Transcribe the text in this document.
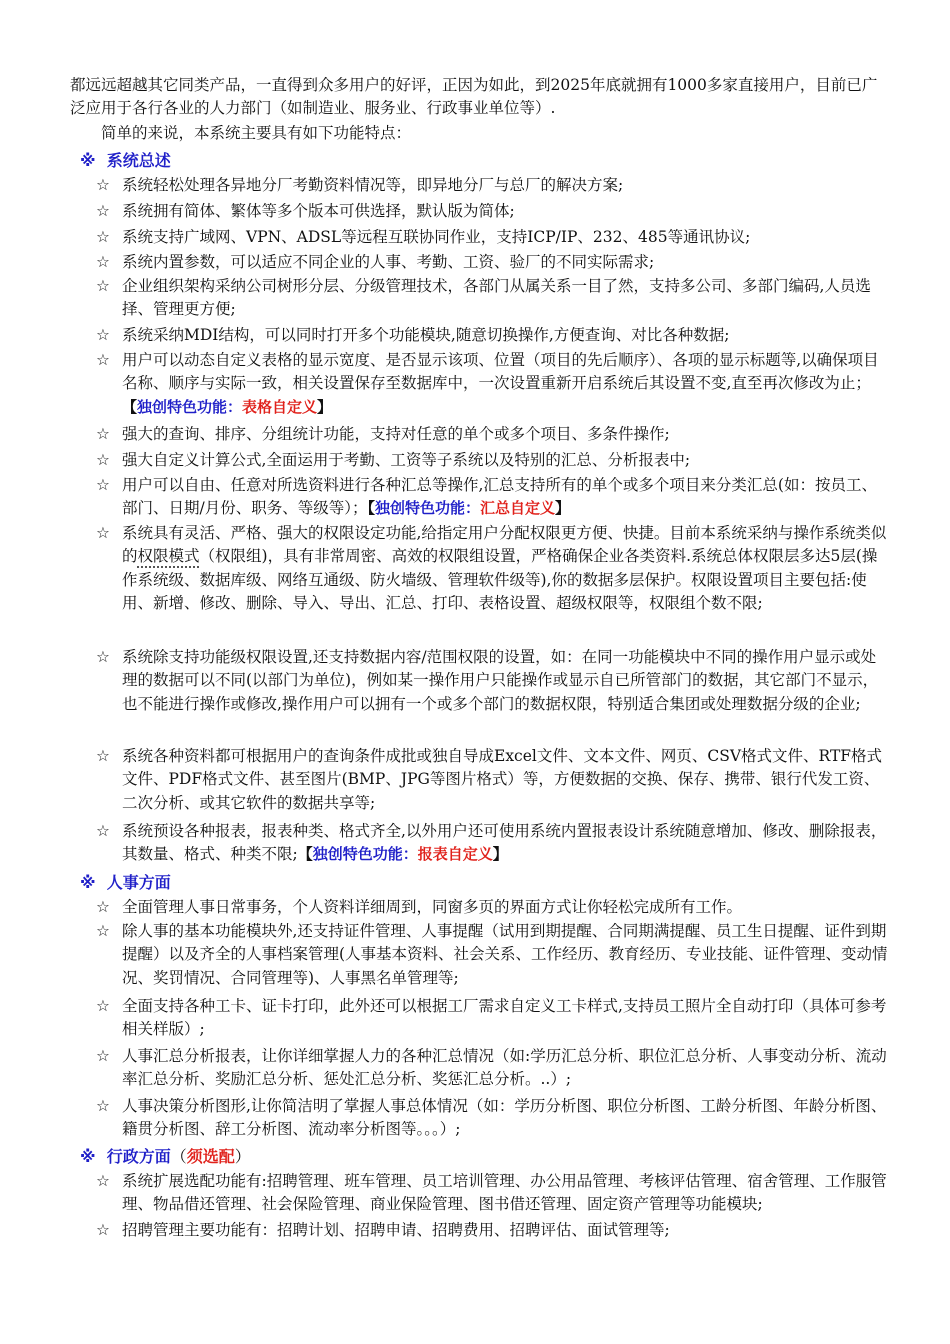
都远远超越其它同类产品，一直得到众多用户的好评，正因为如此，到2025年底就拥有1000多家直接用户，目前已广泛应用于各行各业的人力部门（如制造业、服务业、行政事业单位等）.
简单的来说，本系统主要具有如下功能特点：
※ 系统总述
☆ 系统轻松处理各异地分厂考勤资料情况等，即异地分厂与总厂的解决方案;
☆ 系统拥有简体、繁体等多个版本可供选择，默认版为简体;
☆ 系统支持广域网、VPN、ADSL等远程互联协同作业，支持ICP/IP、232、485等通讯协议;
☆ 系统内置参数，可以适应不同企业的人事、考勤、工资、验厂的不同实际需求;
☆ 企业组织架构采纳公司树形分层、分级管理技术，各部门从属关系一目了然，支持多公司、多部门编码,人员选择、管理更方便;
☆ 系统采纳MDI结构，可以同时打开多个功能模块,随意切换操作,方便查询、对比各种数据;
☆ 用户可以动态自定义表格的显示宽度、是否显示该项、位置（项目的先后顺序）、各项的显示标题等,以确保项目名称、顺序与实际一致，相关设置保存至数据库中，一次设置重新开启系统后其设置不变,直至再次修改为止；【独创特色功能：表格自定义】
☆ 强大的查询、排序、分组统计功能，支持对任意的单个或多个项目、多条件操作;
☆ 强大自定义计算公式,全面运用于考勤、工资等子系统以及特别的汇总、分析报表中;
☆ 用户可以自由、任意对所选资料进行各种汇总等操作,汇总支持所有的单个或多个项目来分类汇总(如：按员工、部门、日期/月份、职务、等级等）；【独创特色功能：汇总自定义】
☆ 系统具有灵活、严格、强大的权限设定功能,给指定用户分配权限更方便、快捷。目前本系统采纳与操作系统类似的权限模式（权限组)，具有非常周密、高效的权限组设置，严格确保企业各类资料.系统总体权限层多达5层(操作系统级、数据库级、网络互通级、防火墙级、管理软件级等),你的数据多层保护。权限设置项目主要包括:使用、新增、修改、删除、导入、导出、汇总、打印、表格设置、超级权限等，权限组个数不限;
☆ 系统除支持功能级权限设置,还支持数据内容/范围权限的设置，如：在同一功能模块中不同的操作用户显示或处理的数据可以不同(以部门为单位)，例如某一操作用户只能操作或显示自已所管部门的数据，其它部门不显示，也不能进行操作或修改,操作用户可以拥有一个或多个部门的数据权限，特别适合集团或处理数据分级的企业;
☆ 系统各种资料都可根据用户的查询条件成批或独自导成Excel文件、文本文件、网页、CSV格式文件、RTF格式文件、PDF格式文件、甚至图片(BMP、JPG等图片格式）等，方便数据的交换、保存、携带、银行代发工资、二次分析、或其它软件的数据共享等;
☆ 系统预设各种报表，报表种类、格式齐全,以外用户还可使用系统内置报表设计系统随意增加、修改、删除报表，其数量、格式、种类不限;【独创特色功能：报表自定义】
※ 人事方面
☆ 全面管理人事日常事务，个人资料详细周到，同窗多页的界面方式让你轻松完成所有工作。
☆ 除人事的基本功能模块外,还支持证件管理、人事提醒（试用到期提醒、合同期满提醒、员工生日提醒、证件到期提醒）以及齐全的人事档案管理(人事基本资料、社会关系、工作经历、教育经历、专业技能、证件管理、变动情况、奖罚情况、合同管理等)、人事黑名单管理等;
☆ 全面支持各种工卡、证卡打印，此外还可以根据工厂需求自定义工卡样式,支持员工照片全自动打印（具体可参考相关样版）;
☆ 人事汇总分析报表，让你详细掌握人力的各种汇总情况（如:学历汇总分析、职位汇总分析、人事变动分析、流动率汇总分析、奖励汇总分析、惩处汇总分析、奖惩汇总分析。..）;
☆ 人事决策分析图形,让你简洁明了掌握人事总体情况（如：学历分析图、职位分析图、工龄分析图、年龄分析图、籍贯分析图、辞工分析图、流动率分析图等。。。）;
※ 行政方面（须选配）
☆ 系统扩展选配功能有:招聘管理、班车管理、员工培训管理、办公用品管理、考核评估管理、宿舍管理、工作服管理、物品借还管理、社会保险管理、商业保险管理、图书借还管理、固定资产管理等功能模块;
☆ 招聘管理主要功能有：招聘计划、招聘申请、招聘费用、招聘评估、面试管理等;
